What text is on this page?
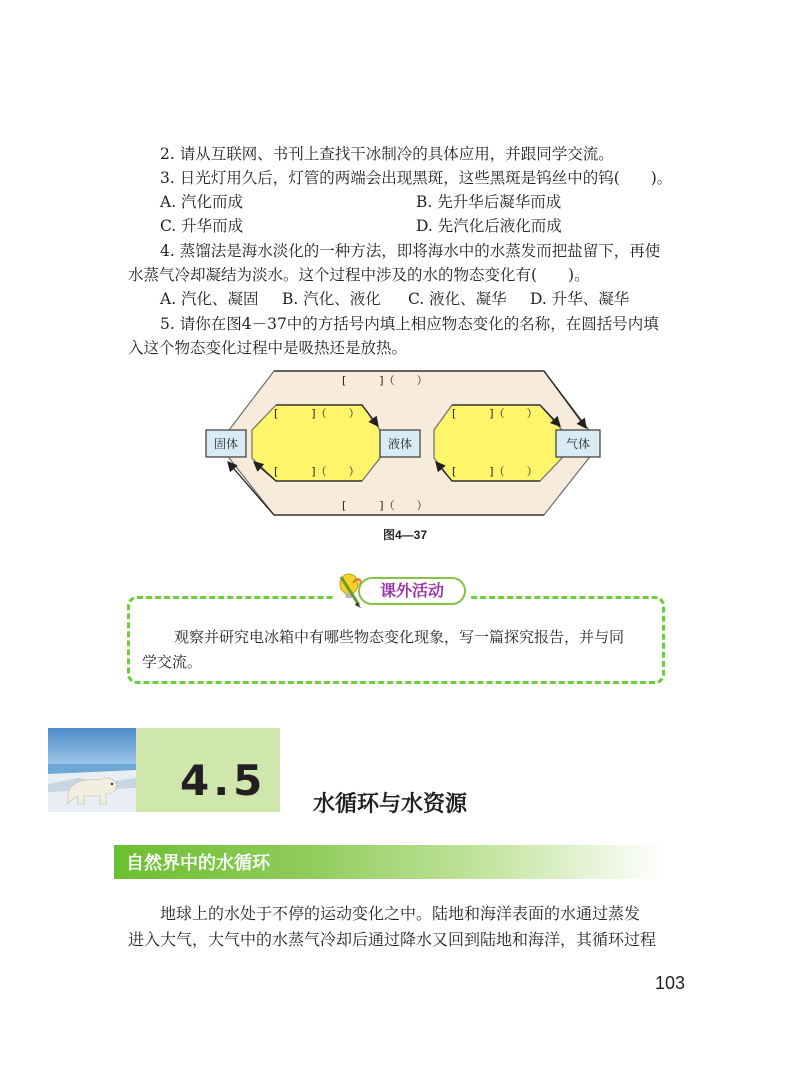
2. 请从互联网、书刊上查找干冰制冷的具体应用，并跟同学交流。
3. 日光灯用久后，灯管的两端会出现黑斑，这些黑斑是钨丝中的钨(　　)。
A. 汽化而成	B. 先升华后凝华而成
C. 升华而成	D. 先汽化后液化而成
4. 蒸馏法是海水淡化的一种方法，即将海水中的水蒸发而把盐留下，再使
水蒸气冷却凝结为淡水。这个过程中涉及的水的物态变化有(　　)。
A. 汽化、凝固 B. 汽化、液化 C. 液化、凝华 D. 升华、凝华
5. 请你在图4－37中的方括号内填上相应物态变化的名称，在圆括号内填
入这个物态变化过程中是吸热还是放热。
固体	液体	气体
[　　　]（　　）
[　　　]（　　）	[　　　]（　　）
[　　　]（　　）	[　　　]（　　）
[　　　]（　　）
图4—37
课外活动
观察并研究电冰箱中有哪些物态变化现象，写一篇探究报告，并与同
学交流。
4.5 水循环与水资源
自然界中的水循环
地球上的水处于不停的运动变化之中。陆地和海洋表面的水通过蒸发
进入大气，大气中的水蒸气冷却后通过降水又回到陆地和海洋，其循环过程
103
